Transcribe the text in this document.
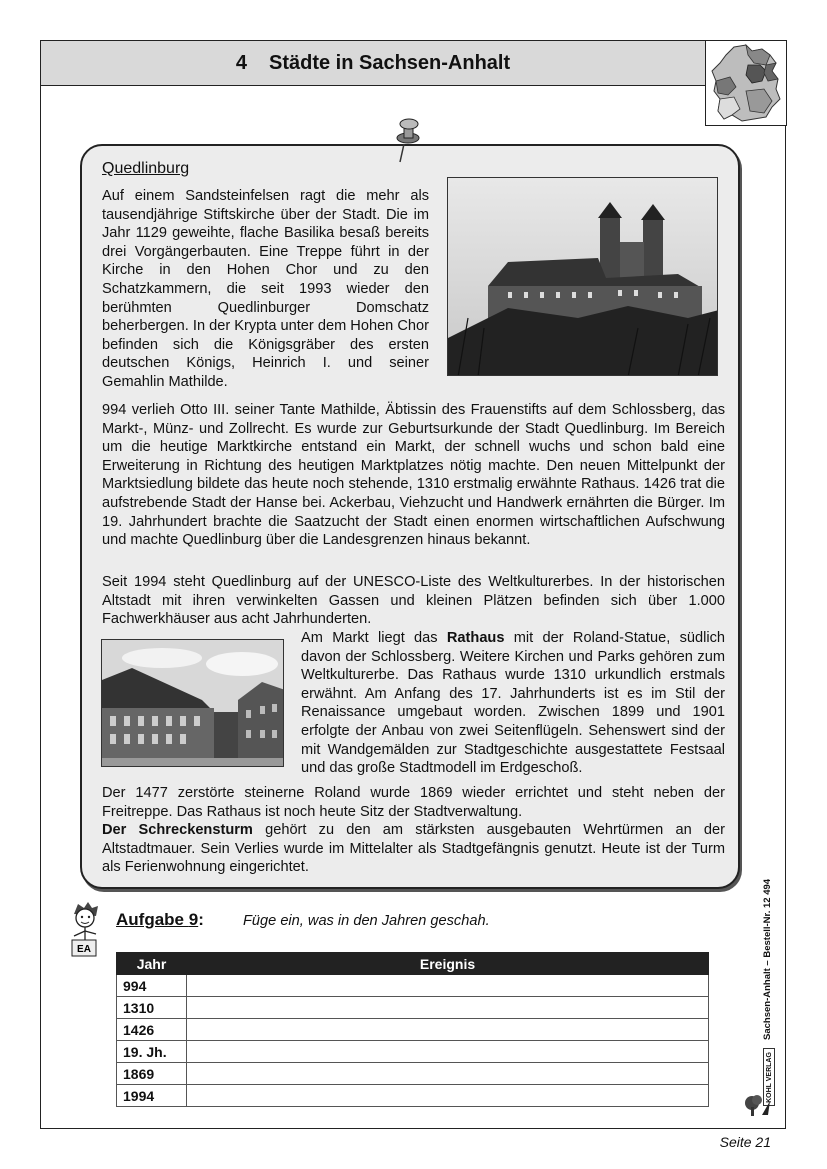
4 Städte in Sachsen-Anhalt

Quedlinburg

Auf einem Sandsteinfelsen ragt die mehr als tausendjährige Stiftskirche über der Stadt. Die im Jahr 1129 geweihte, flache Basilika besaß bereits drei Vorgängerbauten. Eine Treppe führt in der Kirche in den Hohen Chor und zu den Schatzkammern, die seit 1993 wieder den berühmten Quedlinburger Domschatz beherbergen. In der Krypta unter dem Hohen Chor befinden sich die Königsgräber des ersten deutschen Königs, Heinrich I. und seiner Gemahlin Mathilde.

994 verlieh Otto III. seiner Tante Mathilde, Äbtissin des Frauenstifts auf dem Schlossberg, das Markt-, Münz- und Zollrecht. Es wurde zur Geburtsurkunde der Stadt Quedlinburg. Im Bereich um die heutige Marktkirche entstand ein Markt, der schnell wuchs und schon bald eine Erweiterung in Richtung des heutigen Marktplatzes nötig machte. Den neuen Mittelpunkt der Marktsiedlung bildete das heute noch stehende, 1310 erstmalig erwähnte Rathaus. 1426 trat die aufstrebende Stadt der Hanse bei. Ackerbau, Viehzucht und Handwerk ernährten die Bürger. Im 19. Jahrhundert brachte die Saatzucht der Stadt einen enormen wirtschaftlichen Aufschwung und machte Quedlinburg über die Landesgrenzen hinaus bekannt.

Seit 1994 steht Quedlinburg auf der UNESCO-Liste des Weltkulturerbes. In der historischen Altstadt mit ihren verwinkelten Gassen und kleinen Plätzen befinden sich über 1.000 Fachwerkhäuser aus acht Jahrhunderten.

Am Markt liegt das Rathaus mit der Roland-Statue, südlich davon der Schlossberg. Weitere Kirchen und Parks gehören zum Weltkulturerbe. Das Rathaus wurde 1310 urkundlich erstmals erwähnt. Am Anfang des 17. Jahrhunderts ist es im Stil der Renaissance umgebaut worden. Zwischen 1899 und 1901 erfolgte der Anbau von zwei Seitenflügeln. Sehenswert sind der mit Wandgemälden zur Stadtgeschichte ausgestattete Festsaal und das große Stadtmodell im Erdgeschoß.

Der 1477 zerstörte steinerne Roland wurde 1869 wieder errichtet und steht neben der Freitreppe. Das Rathaus ist noch heute Sitz der Stadtverwaltung.

Der Schreckensturm gehört zu den am stärksten ausgebauten Wehrtürmen an der Altstadtmauer. Sein Verlies wurde im Mittelalter als Stadtgefängnis genutzt. Heute ist der Turm als Ferienwohnung eingerichtet.

EA
Aufgabe 9:	Füge ein, was in den Jahren geschah.
Jahr	Ereignis
994	
1310	
1426	
19. Jh.	
1869	
1994	
Sachsen-Anhalt – Bestell-Nr. 12 494
KOHL VERLAG
Seite 21
